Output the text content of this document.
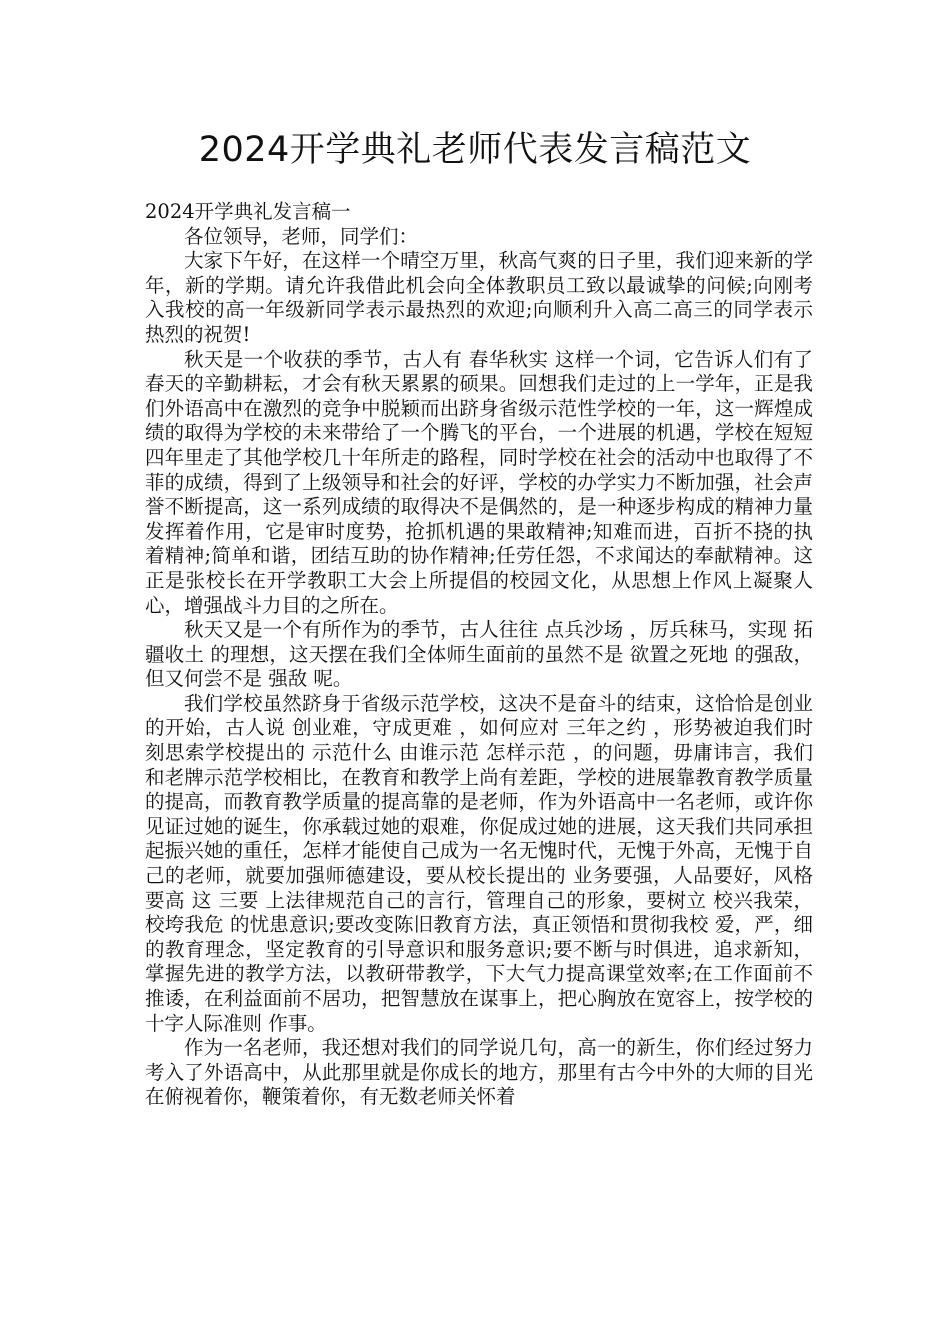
2024开学典礼老师代表发言稿范文

2024开学典礼发言稿一

各位领导，老师，同学们：

大家下午好，在这样一个晴空万里，秋高气爽的日子里，我们迎来新的学年，新的学期。请允许我借此机会向全体教职员工致以最诚挚的问候;向刚考入我校的高一年级新同学表示最热烈的欢迎;向顺利升入高二高三的同学表示热烈的祝贺!

秋天是一个收获的季节，古人有 春华秋实 这样一个词，它告诉人们有了春天的辛勤耕耘，才会有秋天累累的硕果。回想我们走过的上一学年，正是我们外语高中在激烈的竞争中脱颖而出跻身省级示范性学校的一年，这一辉煌成绩的取得为学校的未来带给了一个腾飞的平台，一个进展的机遇，学校在短短四年里走了其他学校几十年所走的路程，同时学校在社会的活动中也取得了不菲的成绩，得到了上级领导和社会的好评，学校的办学实力不断加强，社会声誉不断提高，这一系列成绩的取得决不是偶然的，是一种逐步构成的精神力量发挥着作用，它是审时度势，抢抓机遇的果敢精神;知难而进，百折不挠的执着精神;简单和谐，团结互助的协作精神;任劳任怨，不求闻达的奉献精神。这正是张校长在开学教职工大会上所提倡的校园文化，从思想上作风上凝聚人心，增强战斗力目的之所在。

秋天又是一个有所作为的季节，古人往往 点兵沙场 ，厉兵秣马，实现 拓疆收土 的理想，这天摆在我们全体师生面前的虽然不是 欲置之死地 的强敌，但又何尝不是 强敌 呢。

我们学校虽然跻身于省级示范学校，这决不是奋斗的结束，这恰恰是创业的开始，古人说 创业难，守成更难 ，如何应对 三年之约 ，形势被迫我们时刻思索学校提出的 示范什么 由谁示范 怎样示范 ，的问题，毋庸讳言，我们和老牌示范学校相比，在教育和教学上尚有差距，学校的进展靠教育教学质量的提高，而教育教学质量的提高靠的是老师，作为外语高中一名老师，或许你见证过她的诞生，你承载过她的艰难，你促成过她的进展，这天我们共同承担起振兴她的重任，怎样才能使自己成为一名无愧时代，无愧于外高，无愧于自己的老师，就要加强师德建设，要从校长提出的 业务要强，人品要好，风格要高 这 三要 上法律规范自己的言行，管理自己的形象，要树立 校兴我荣，校垮我危 的忧患意识;要改变陈旧教育方法，真正领悟和贯彻我校 爱，严，细 的教育理念，坚定教育的引导意识和服务意识;要不断与时俱进，追求新知，掌握先进的教学方法，以教研带教学，下大气力提高课堂效率;在工作面前不推诿，在利益面前不居功，把智慧放在谋事上，把心胸放在宽容上，按学校的 十字人际准则 作事。

作为一名老师，我还想对我们的同学说几句，高一的新生，你们经过努力考入了外语高中，从此那里就是你成长的地方，那里有古今中外的大师的目光在俯视着你，鞭策着你，有无数老师关怀着
